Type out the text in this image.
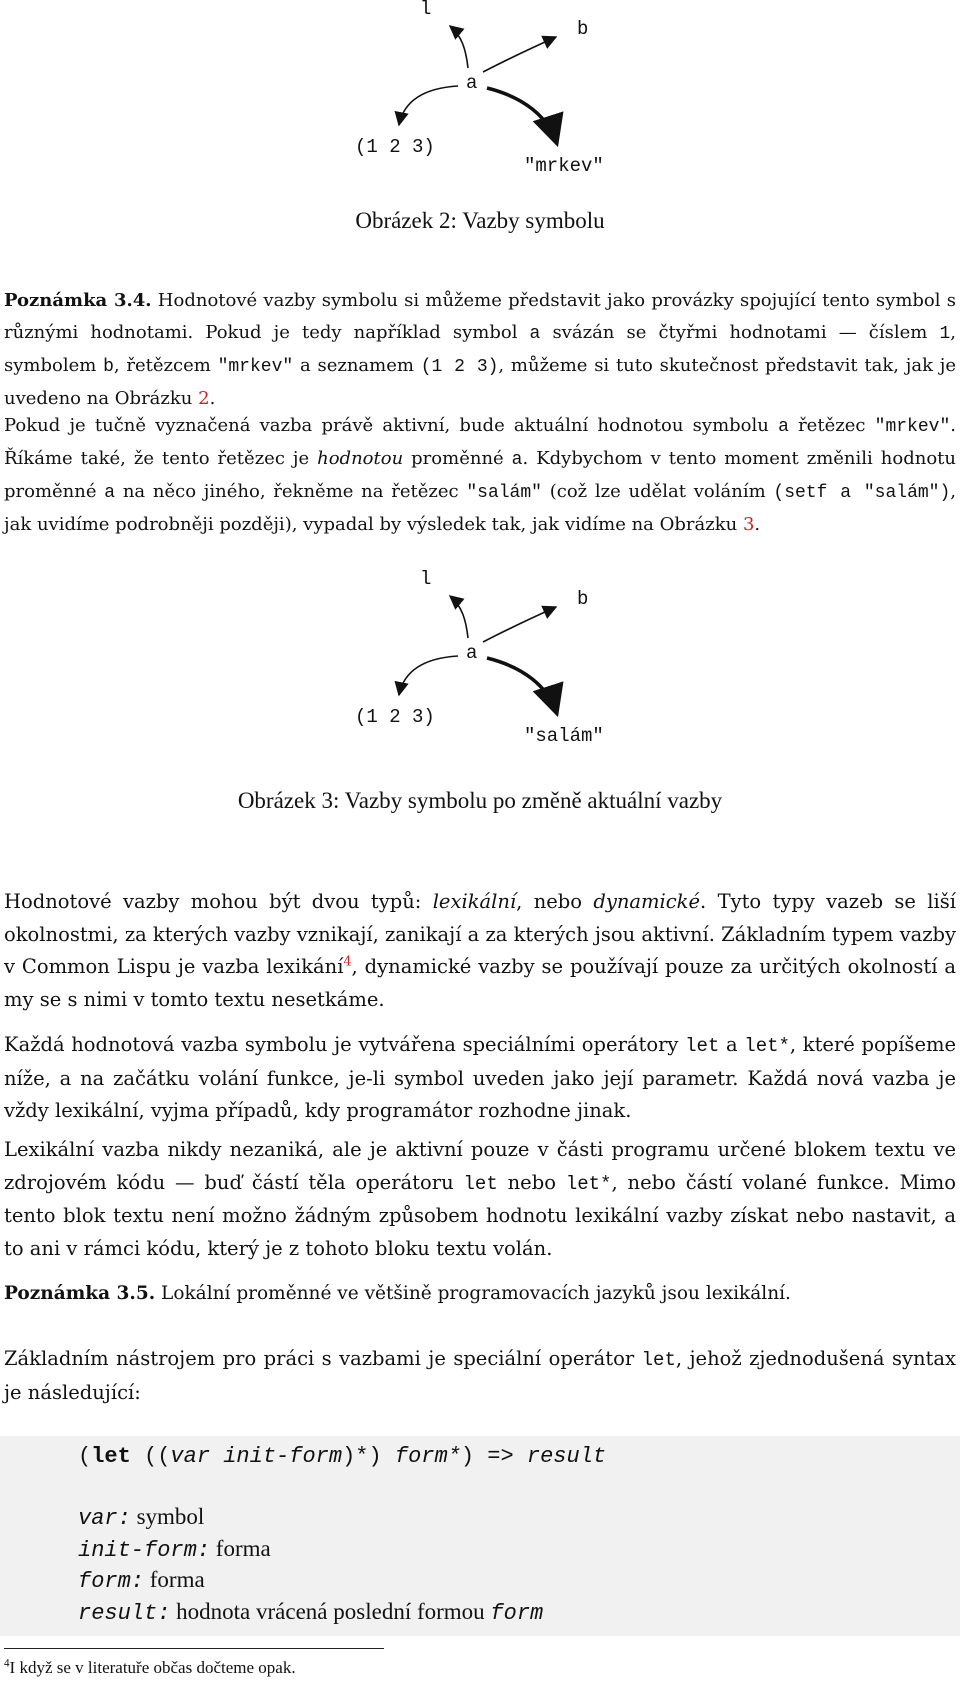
l
b
a
(1 2 3)
"mrkev"
Obrázek 2: Vazby symbolu
Poznámka 3.4. Hodnotové vazby symbolu si můžeme představit jako provázky spojující tento symbol s různými hodnotami. Pokud je tedy například symbol a svázán se čtyřmi hodnotami — číslem 1, symbolem b, řetězcem "mrkev" a seznamem (1 2 3), můžeme si tuto skutečnost představit tak, jak je uvedeno na Obrázku 2.
Pokud je tučně vyznačená vazba právě aktivní, bude aktuální hodnotou symbolu a řetězec "mrkev". Říkáme také, že tento řetězec je hodnotou proměnné a. Kdybychom v tento moment změnili hodnotu proměnné a na něco jiného, řekněme na řetězec "salám" (což lze udělat voláním (setf a "salám"), jak uvidíme podrobněji později), vypadal by výsledek tak, jak vidíme na Obrázku 3.
l
b
a
(1 2 3)
"salám"
Obrázek 3: Vazby symbolu po změně aktuální vazby
Hodnotové vazby mohou být dvou typů: lexikální, nebo dynamické. Tyto typy vazeb se liší okolnostmi, za kterých vazby vznikají, zanikají a za kterých jsou aktivní. Základním typem vazby v Common Lispu je vazba lexikání$^4$, dynamické vazby se používají pouze za určitých okolností a my se s nimi v tomto textu nesetkáme.
Každá hodnotová vazba symbolu je vytvářena speciálními operátory let a let*, které popíšeme níže, a na začátku volání funkce, je-li symbol uveden jako její parametr. Každá nová vazba je vždy lexikální, vyjma případů, kdy programátor rozhodne jinak.
Lexikální vazba nikdy nezaniká, ale je aktivní pouze v části programu určené blokem textu ve zdrojovém kódu — buď částí těla operátoru let nebo let*, nebo částí volané funkce. Mimo tento blok textu není možno žádným způsobem hodnotu lexikální vazby získat nebo nastavit, a to ani v rámci kódu, který je z tohoto bloku textu volán.
Poznámka 3.5. Lokální proměnné ve většině programovacích jazyků jsou lexikální.
Základním nástrojem pro práci s vazbami je speciální operátor let, jehož zjednodušená syntax je následující:
(let ((var init-form)*) form*) => result
var: symbol
init-form: forma
form: forma
result: hodnota vrácená poslední formou form
$^4$I když se v literatuře občas dočteme opak.
